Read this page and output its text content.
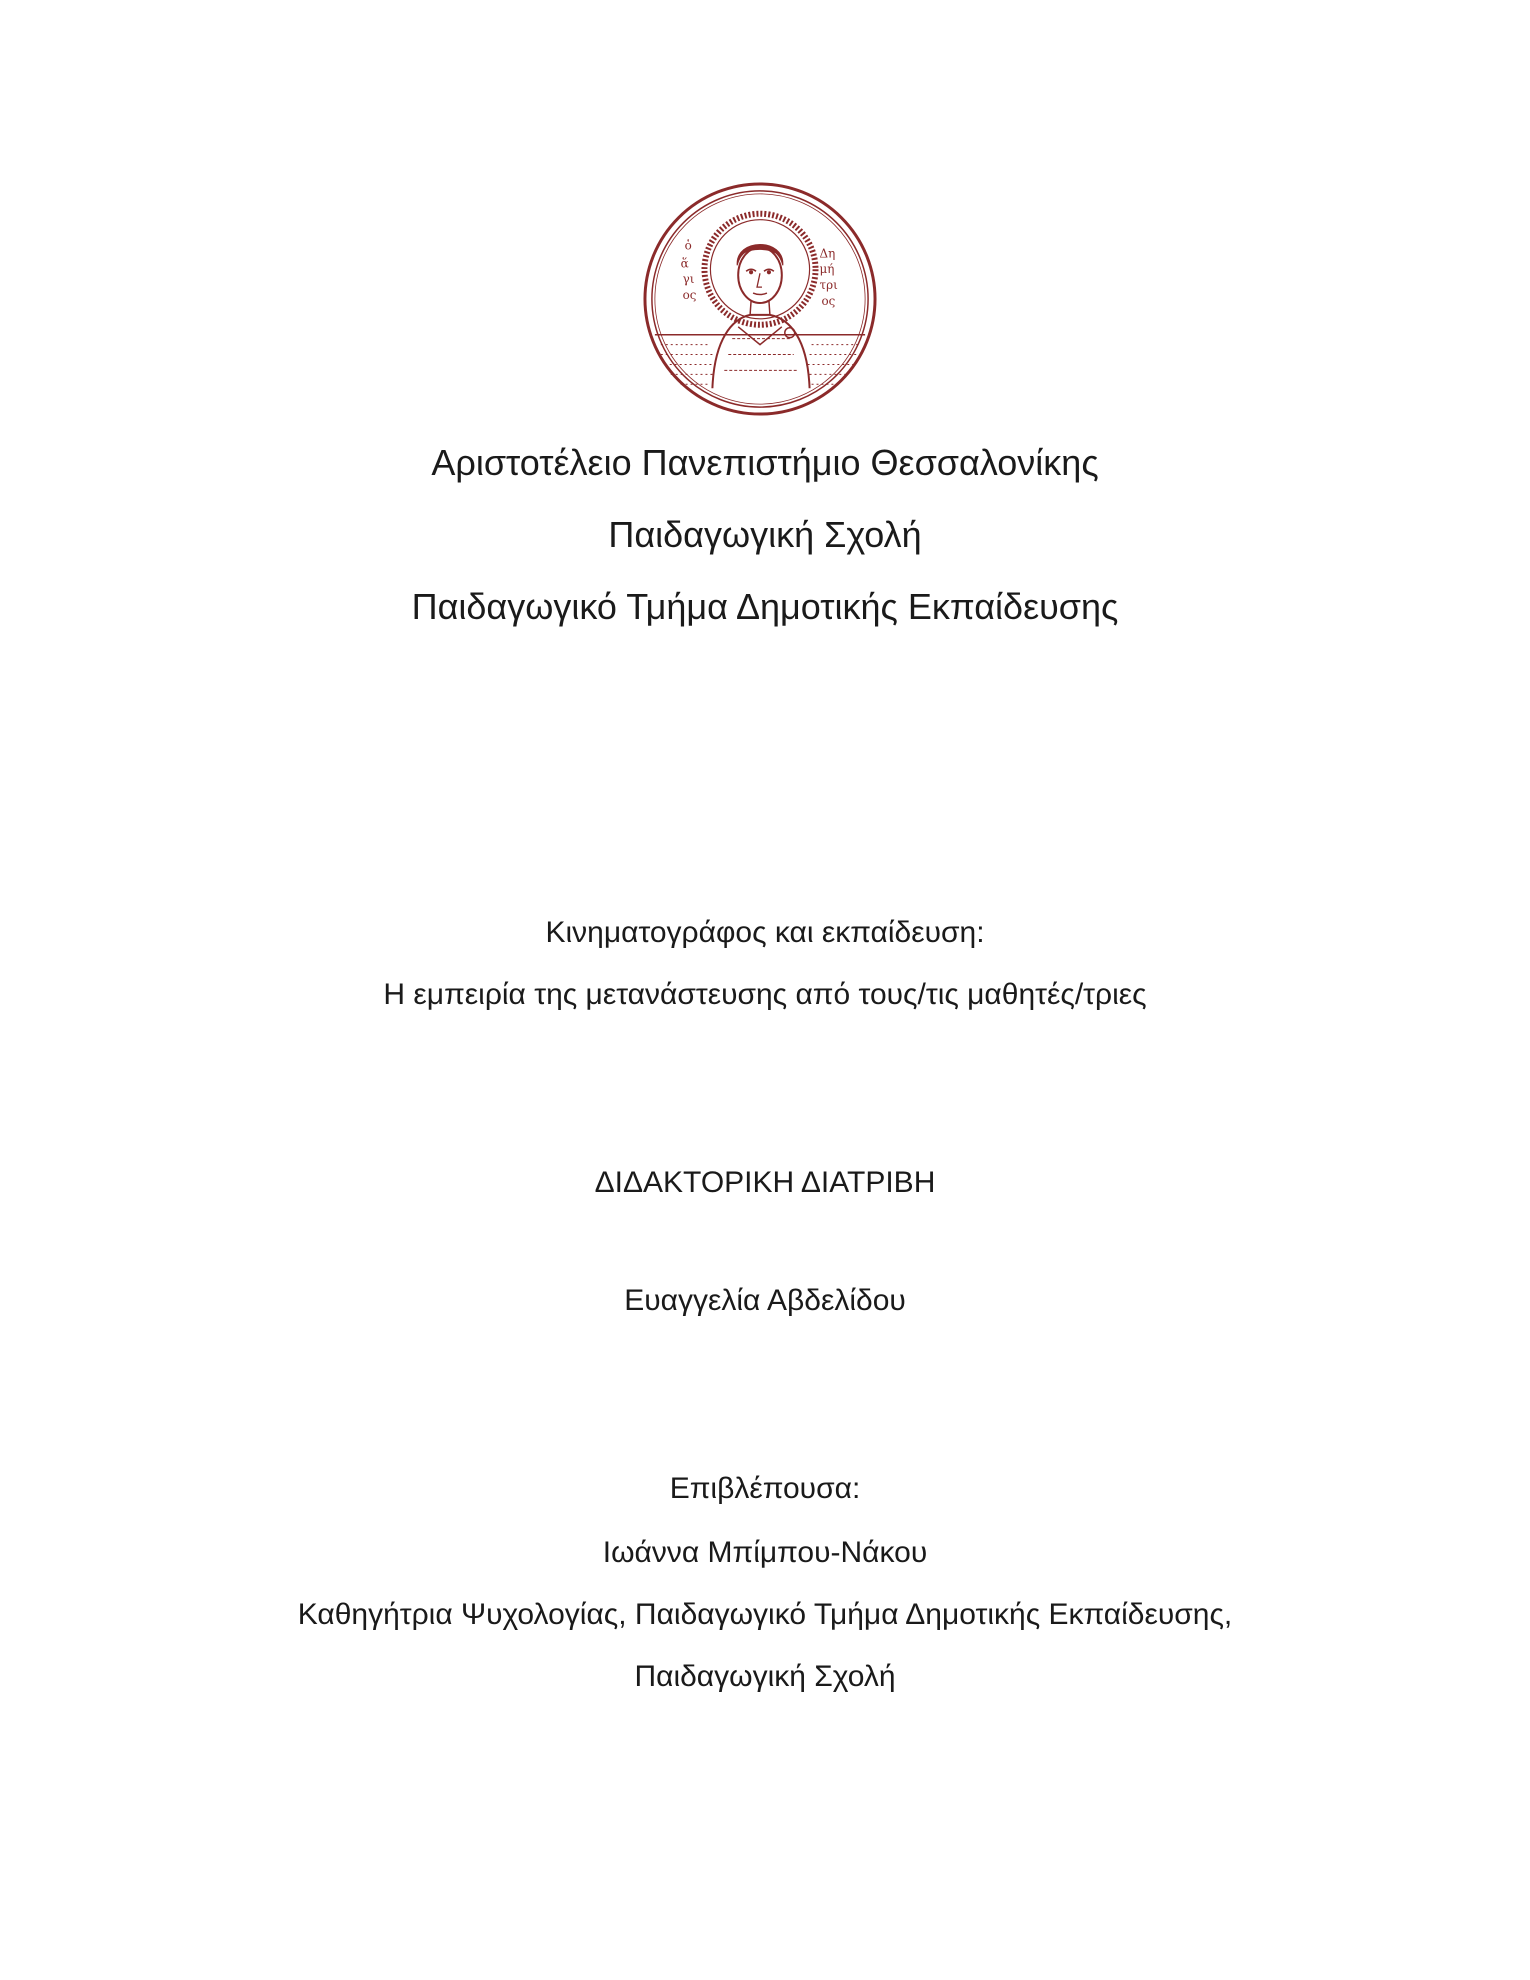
ὁ
ἅ
γι
ος
Δη
μή
τρι
ος
Αριστοτέλειο Πανεπιστήμιο Θεσσαλονίκης
Παιδαγωγική Σχολή
Παιδαγωγικό Τμήμα Δημοτικής Εκπαίδευσης
Κινηματογράφος και εκπαίδευση:
Η εμπειρία της μετανάστευσης από τους/τις μαθητές/τριες
ΔΙΔΑΚΤΟΡΙΚΗ ΔΙΑΤΡΙΒΗ
Ευαγγελία Αβδελίδου
Επιβλέπουσα:
Ιωάννα Μπίμπου-Νάκου
Καθηγήτρια Ψυχολογίας, Παιδαγωγικό Τμήμα Δημοτικής Εκπαίδευσης,
Παιδαγωγική Σχολή
